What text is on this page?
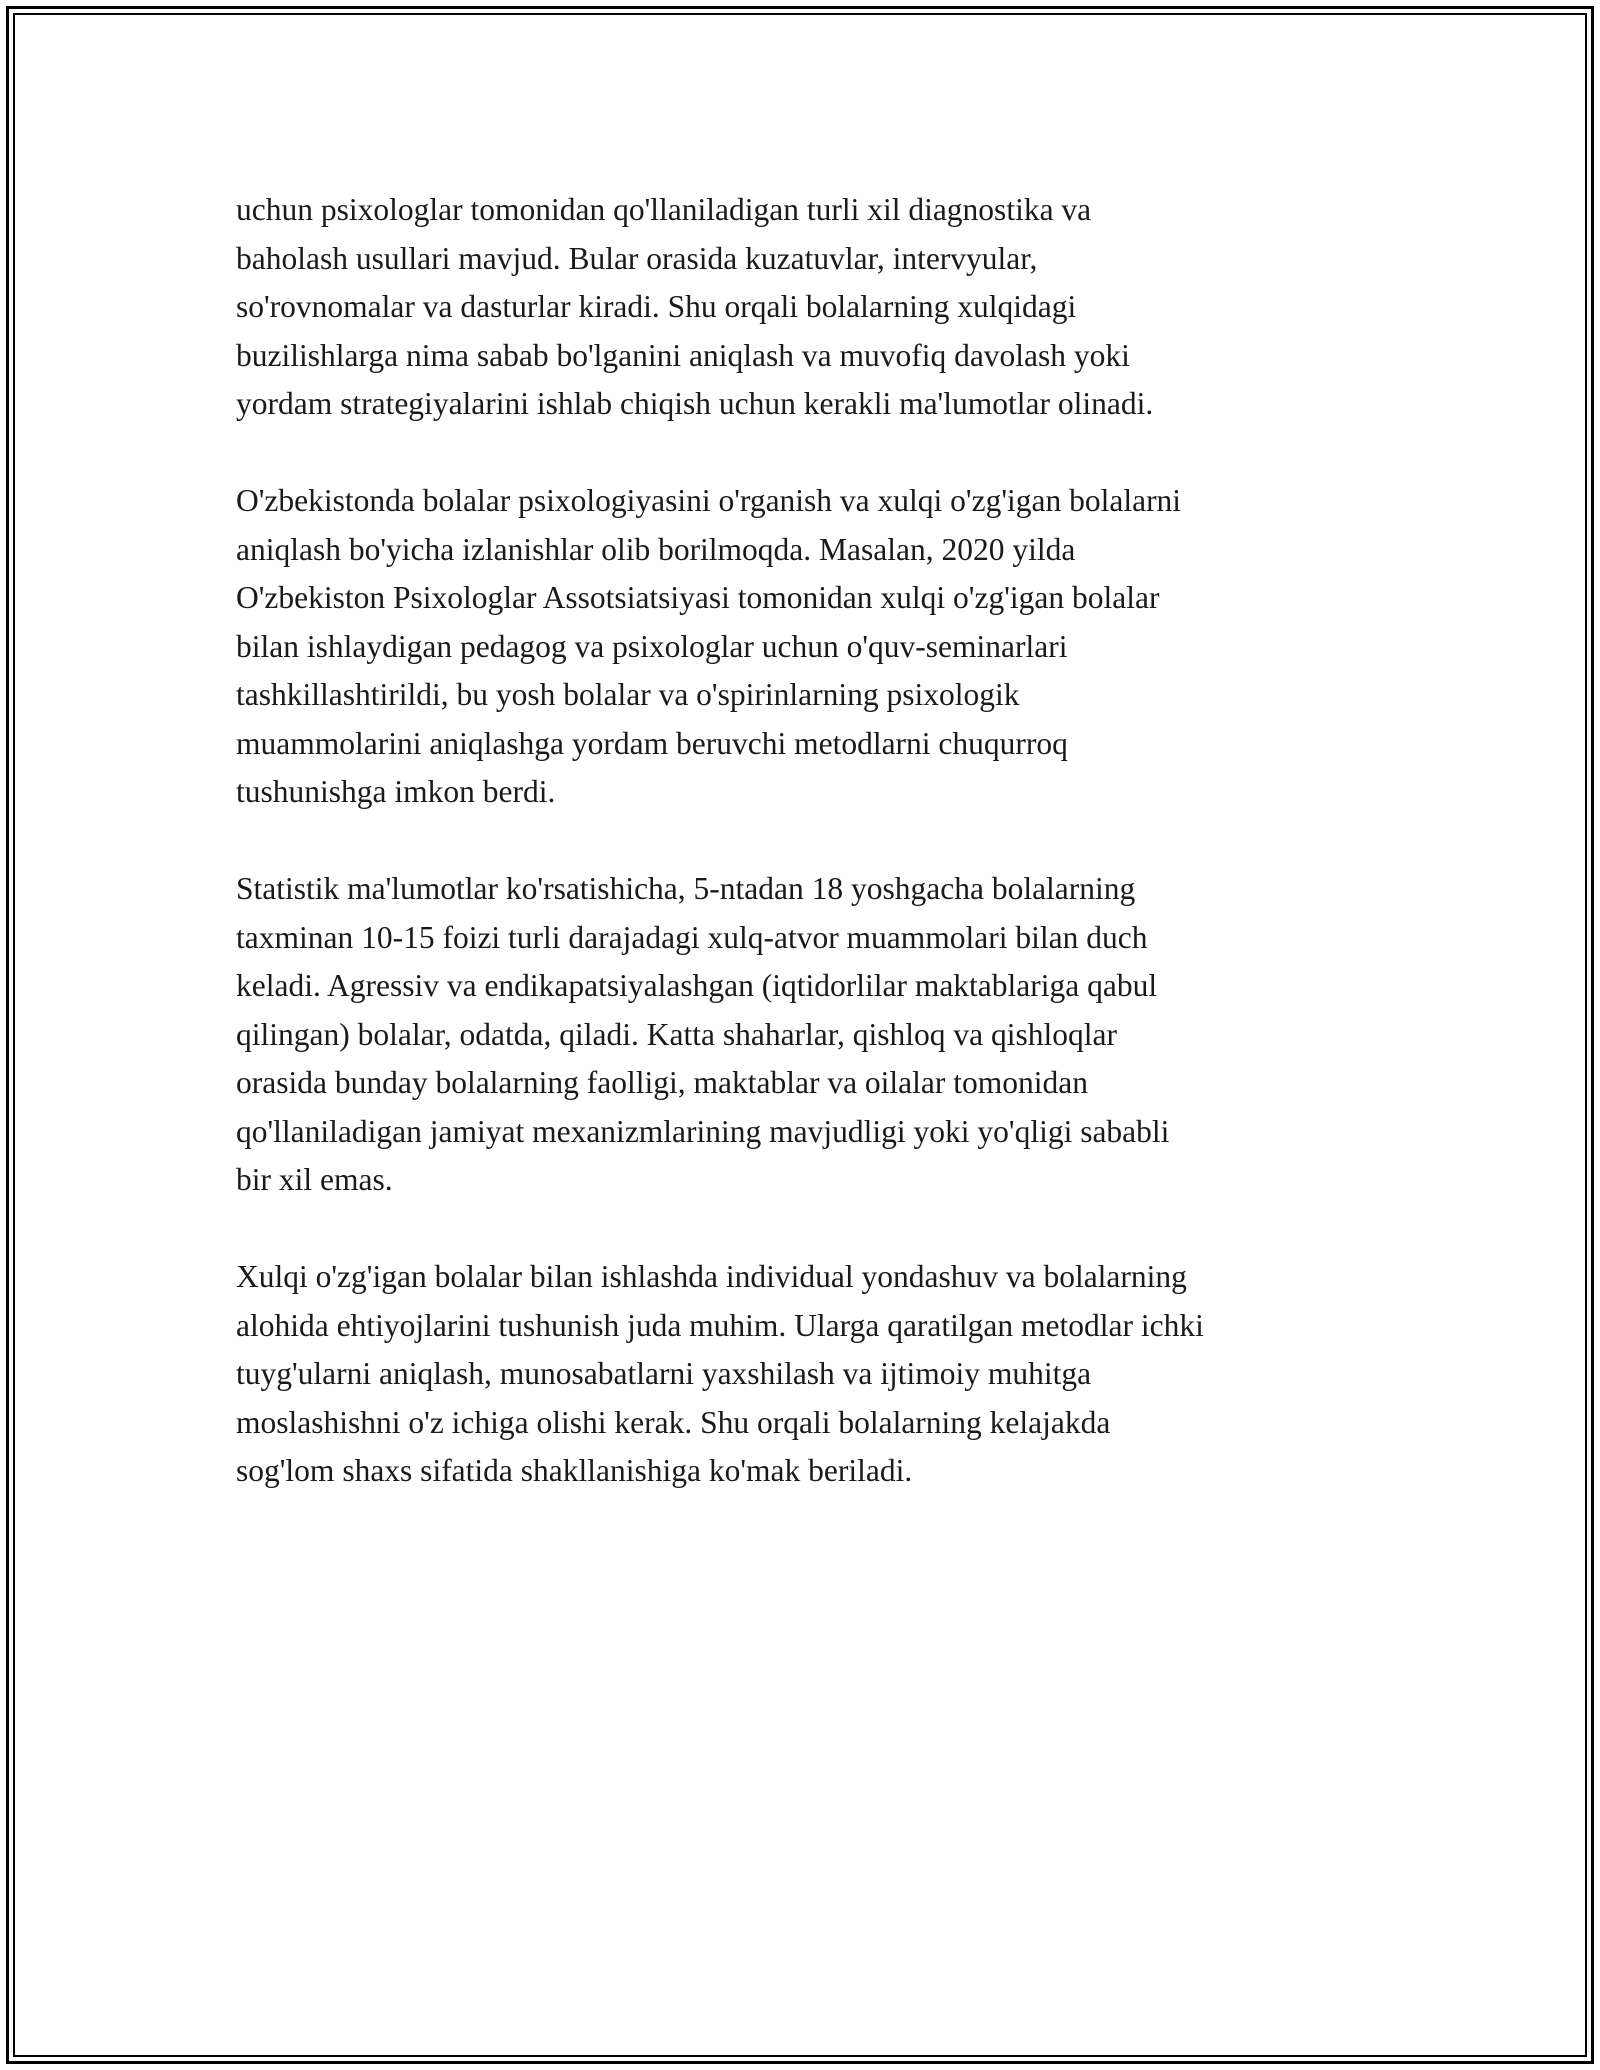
uchun psixologlar tomonidan qo'llaniladigan turli xil diagnostika va
baholash usullari mavjud. Bular orasida kuzatuvlar, intervyular,
so'rovnomalar va dasturlar kiradi. Shu orqali bolalarning xulqidagi
buzilishlarga nima sabab bo'lganini aniqlash va muvofiq davolash yoki
yordam strategiyalarini ishlab chiqish uchun kerakli ma'lumotlar olinadi.

O'zbekistonda bolalar psixologiyasini o'rganish va xulqi o'zg'igan bolalarni
aniqlash bo'yicha izlanishlar olib borilmoqda. Masalan, 2020 yilda
O'zbekiston Psixologlar Assotsiatsiyasi tomonidan xulqi o'zg'igan bolalar
bilan ishlaydigan pedagog va psixologlar uchun o'quv-seminarlari
tashkillashtirildi, bu yosh bolalar va o'spirinlarning psixologik
muammolarini aniqlashga yordam beruvchi metodlarni chuqurroq
tushunishga imkon berdi.

Statistik ma'lumotlar ko'rsatishicha, 5-ntadan 18 yoshgacha bolalarning
taxminan 10-15 foizi turli darajadagi xulq-atvor muammolari bilan duch
keladi. Agressiv va endikapatsiyalashgan (iqtidorlilar maktablariga qabul
qilingan) bolalar, odatda, qiladi. Katta shaharlar, qishloq va qishloqlar
orasida bunday bolalarning faolligi, maktablar va oilalar tomonidan
qo'llaniladigan jamiyat mexanizmlarining mavjudligi yoki yo'qligi sababli
bir xil emas.

Xulqi o'zg'igan bolalar bilan ishlashda individual yondashuv va bolalarning
alohida ehtiyojlarini tushunish juda muhim. Ularga qaratilgan metodlar ichki
tuyg'ularni aniqlash, munosabatlarni yaxshilash va ijtimoiy muhitga
moslashishni o'z ichiga olishi kerak. Shu orqali bolalarning kelajakda
sog'lom shaxs sifatida shakllanishiga ko'mak beriladi.
